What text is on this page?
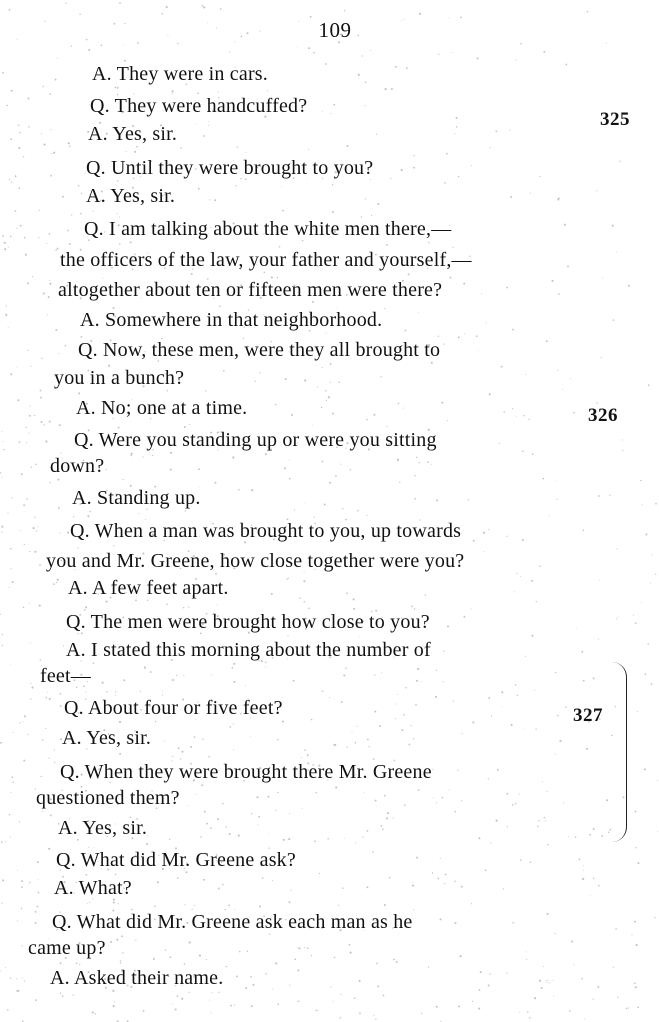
109
325
326
327
A. They were in cars.
Q. They were handcuffed?
A. Yes, sir.
Q. Until they were brought to you?
A. Yes, sir.
Q. I am talking about the white men there,—
the officers of the law, your father and yourself,—
altogether about ten or fifteen men were there?
A. Somewhere in that neighborhood.
Q. Now, these men, were they all brought to
you in a bunch?
A. No; one at a time.
Q. Were you standing up or were you sitting
down?
A. Standing up.
Q. When a man was brought to you, up towards
you and Mr. Greene, how close together were you?
A. A few feet apart.
Q. The men were brought how close to you?
A. I stated this morning about the number of
feet—
Q. About four or five feet?
A. Yes, sir.
Q. When they were brought there Mr. Greene
questioned them?
A. Yes, sir.
Q. What did Mr. Greene ask?
A. What?
Q. What did Mr. Greene ask each man as he
came up?
A. Asked their name.
